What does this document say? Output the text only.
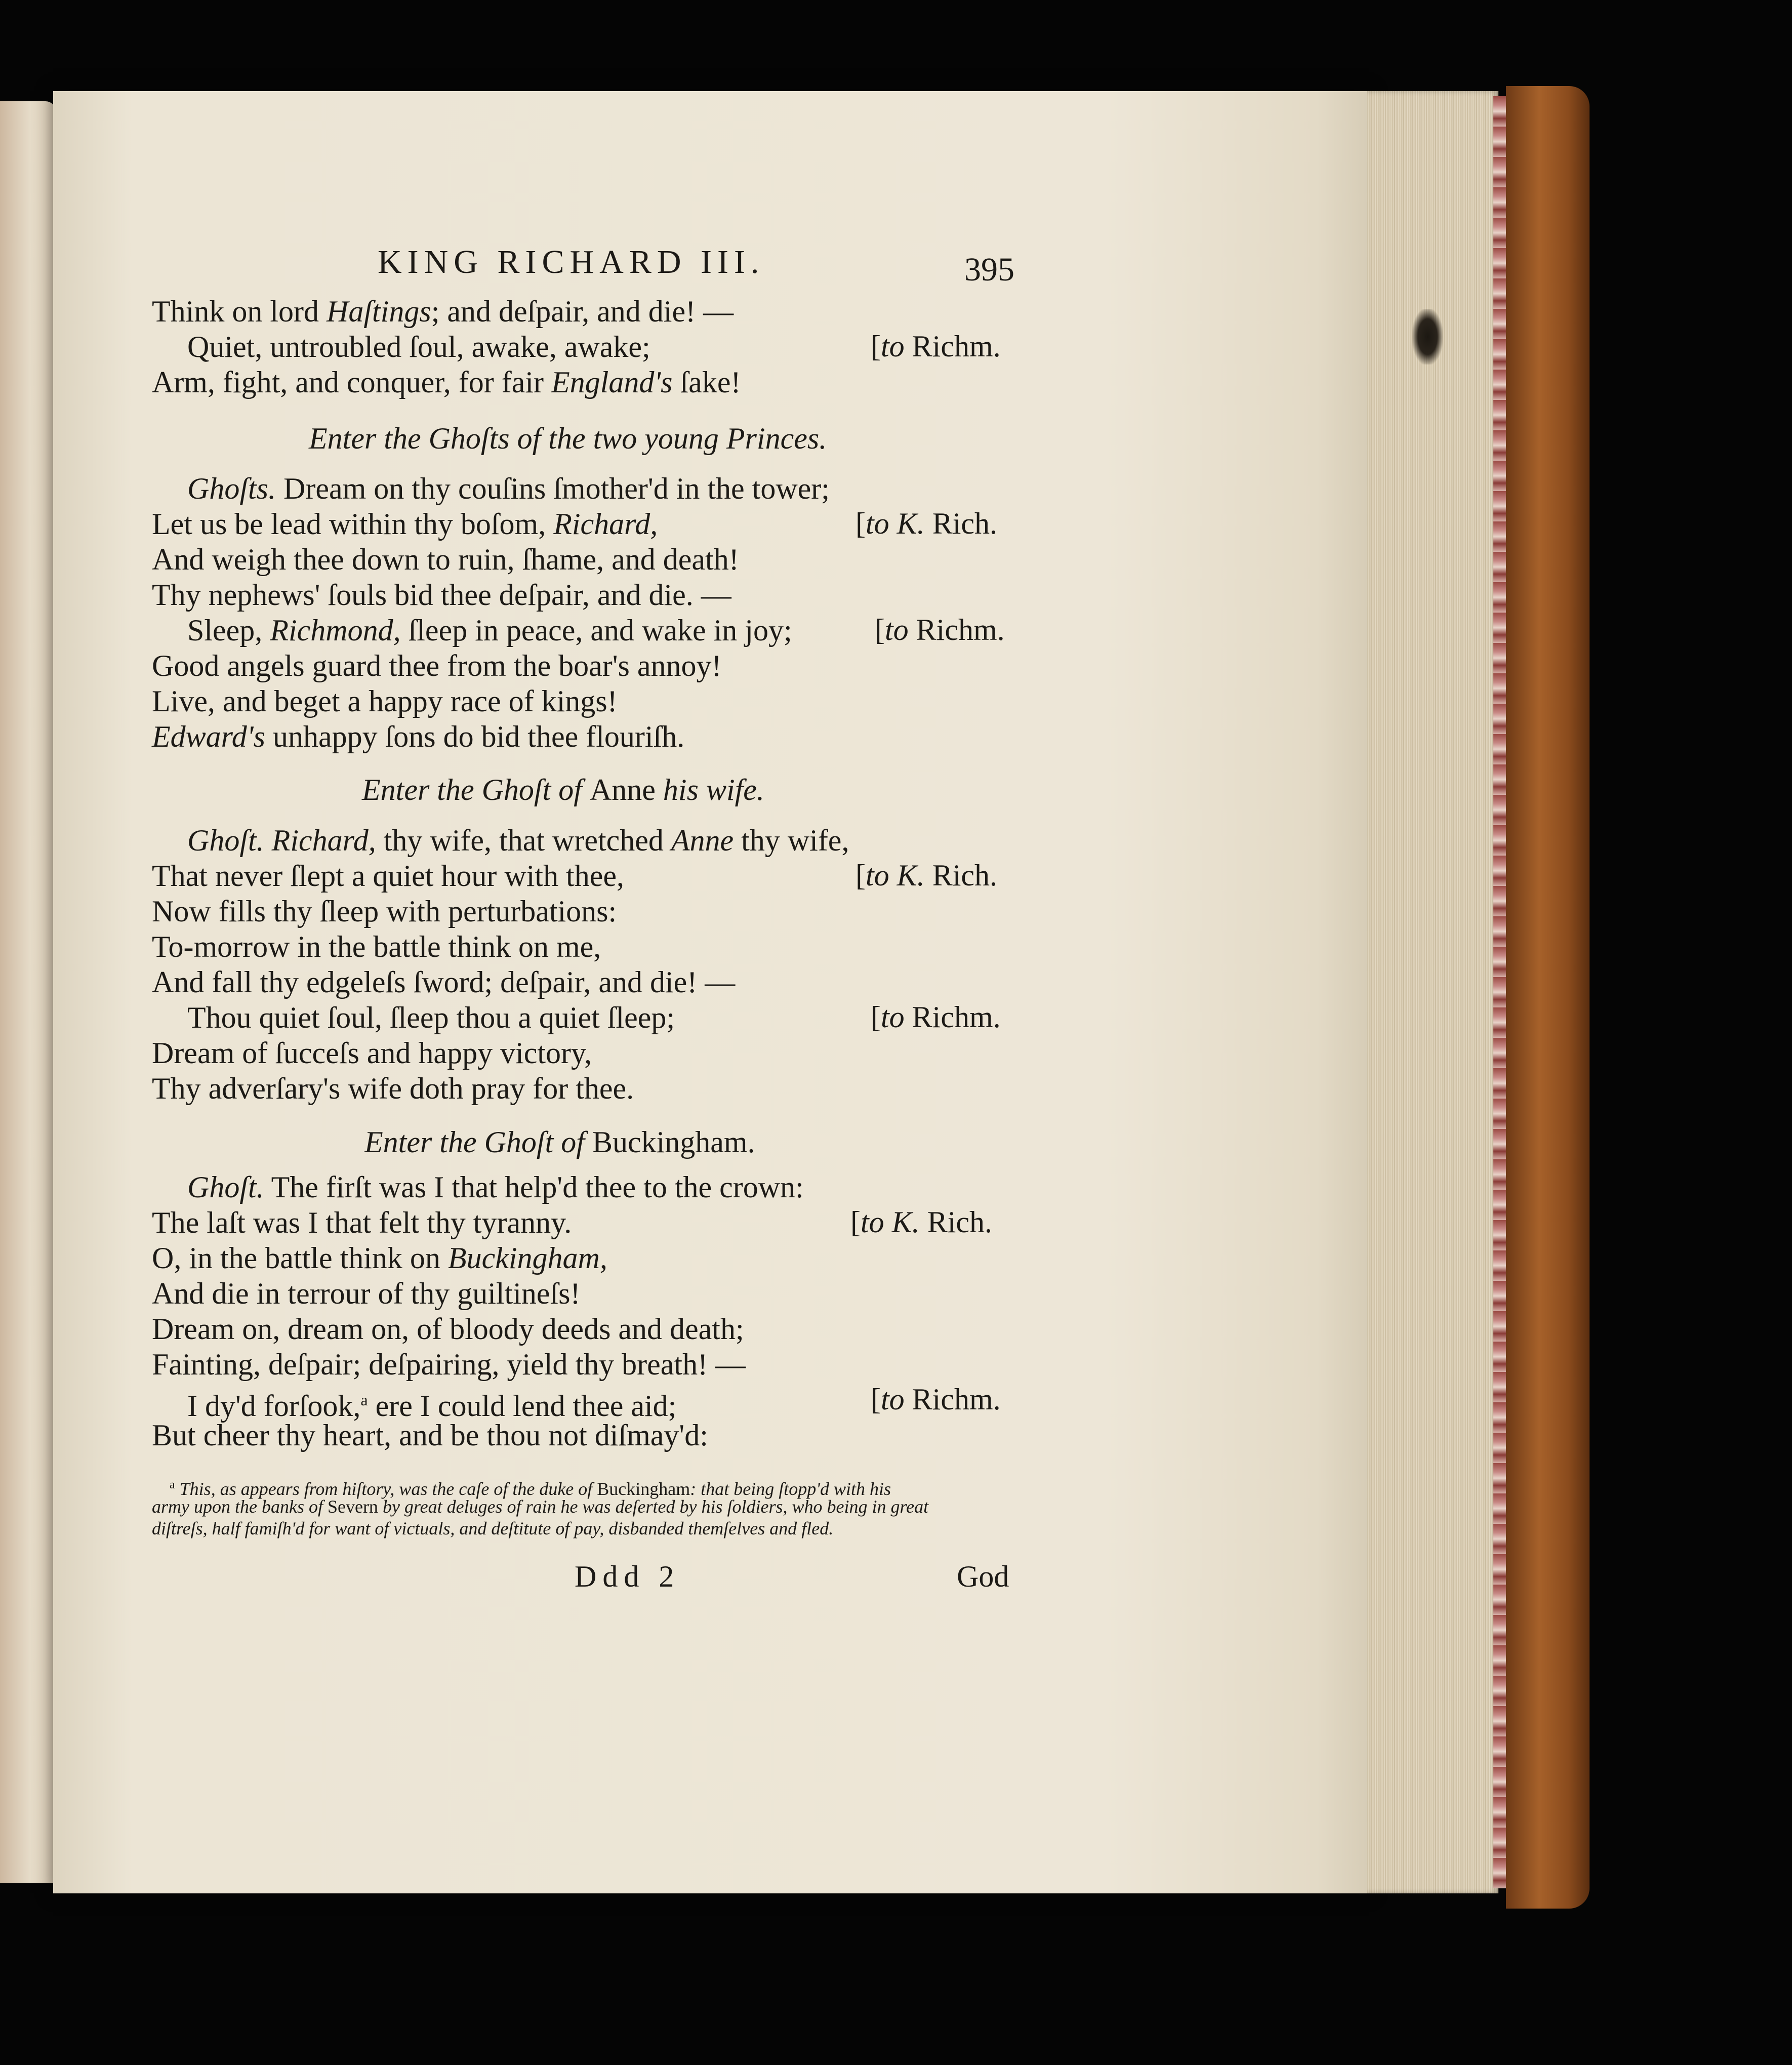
KING RICHARD III.	395
Think on lord Haſtings; and deſpair, and die! —
Quiet, untroubled ſoul, awake, awake;
Arm, fight, and conquer, for fair England's ſake!
Enter the Ghoſts of the two young Princes.
Ghoſts. Dream on thy couſins ſmother'd in the tower;
Let us be lead within thy boſom, Richard,
And weigh thee down to ruin, ſhame, and death!
Thy nephews' ſouls bid thee deſpair, and die. —
Sleep, Richmond, ſleep in peace, and wake in joy;
Good angels guard thee from the boar's annoy!
Live, and beget a happy race of kings!
Edward's unhappy ſons do bid thee flouriſh.
Enter the Ghoſt of Anne his wife.
Ghoſt. Richard, thy wife, that wretched Anne thy wife,
That never ſlept a quiet hour with thee,
Now fills thy ſleep with perturbations:
To-morrow in the battle think on me,
And fall thy edgeleſs ſword; deſpair, and die! —
Thou quiet ſoul, ſleep thou a quiet ſleep;
Dream of ſucceſs and happy victory,
Thy adverſary's wife doth pray for thee.
Enter the Ghoſt of Buckingham.
Ghoſt. The firſt was I that help'd thee to the crown:
The laſt was I that felt thy tyranny.
O, in the battle think on Buckingham,
And die in terrour of thy guiltineſs!
Dream on, dream on, of bloody deeds and death;
Fainting, deſpair; deſpairing, yield thy breath! —
I dy'd forſook,$^a$ ere I could lend thee aid;
But cheer thy heart, and be thou not diſmay'd:
[to Richm.
[to K. Rich.
[to Richm.
[to K. Rich.
[to Richm.
[to K. Rich.
[to Richm.
$^a$ This, as appears from hiſtory, was the caſe of the duke of Buckingham: that being ſtopp'd with his
army upon the banks of Severn by great deluges of rain he was deſerted by his ſoldiers, who being in great
diſtreſs, half famiſh'd for want of victuals, and deſtitute of pay, disbanded themſelves and fled.
Ddd 2	God
